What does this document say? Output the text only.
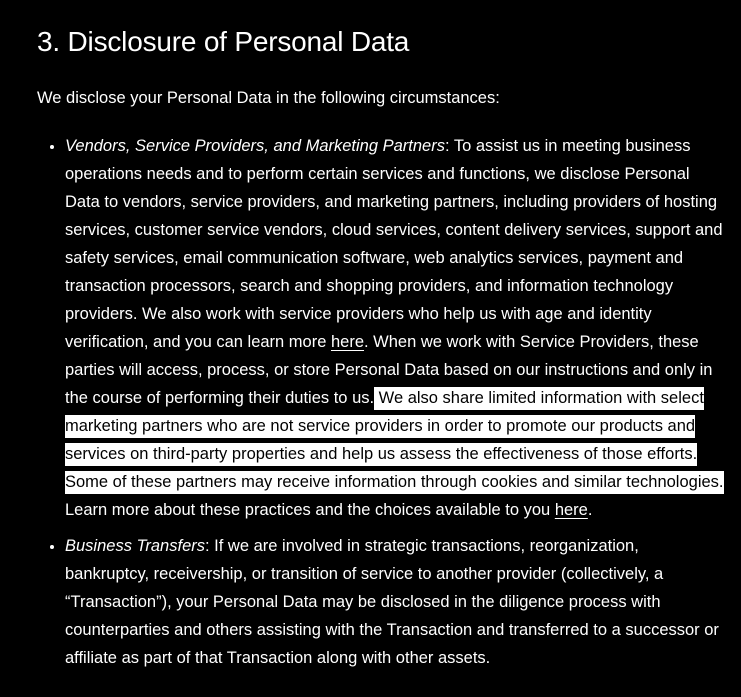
3. Disclosure of Personal Data

We disclose your Personal Data in the following circumstances:

• Vendors, Service Providers, and Marketing Partners: To assist us in meeting business operations needs and to perform certain services and functions, we disclose Personal Data to vendors, service providers, and marketing partners, including providers of hosting services, customer service vendors, cloud services, content delivery services, support and safety services, email communication software, web analytics services, payment and transaction processors, search and shopping providers, and information technology providers. We also work with service providers who help us with age and identity verification, and you can learn more here. When we work with Service Providers, these parties will access, process, or store Personal Data based on our instructions and only in the course of performing their duties to us. We also share limited information with select marketing partners who are not service providers in order to promote our products and services on third-party properties and help us assess the effectiveness of those efforts. Some of these partners may receive information through cookies and similar technologies. Learn more about these practices and the choices available to you here.
• Business Transfers: If we are involved in strategic transactions, reorganization, bankruptcy, receivership, or transition of service to another provider (collectively, a “Transaction”), your Personal Data may be disclosed in the diligence process with counterparties and others assisting with the Transaction and transferred to a successor or affiliate as part of that Transaction along with other assets.
